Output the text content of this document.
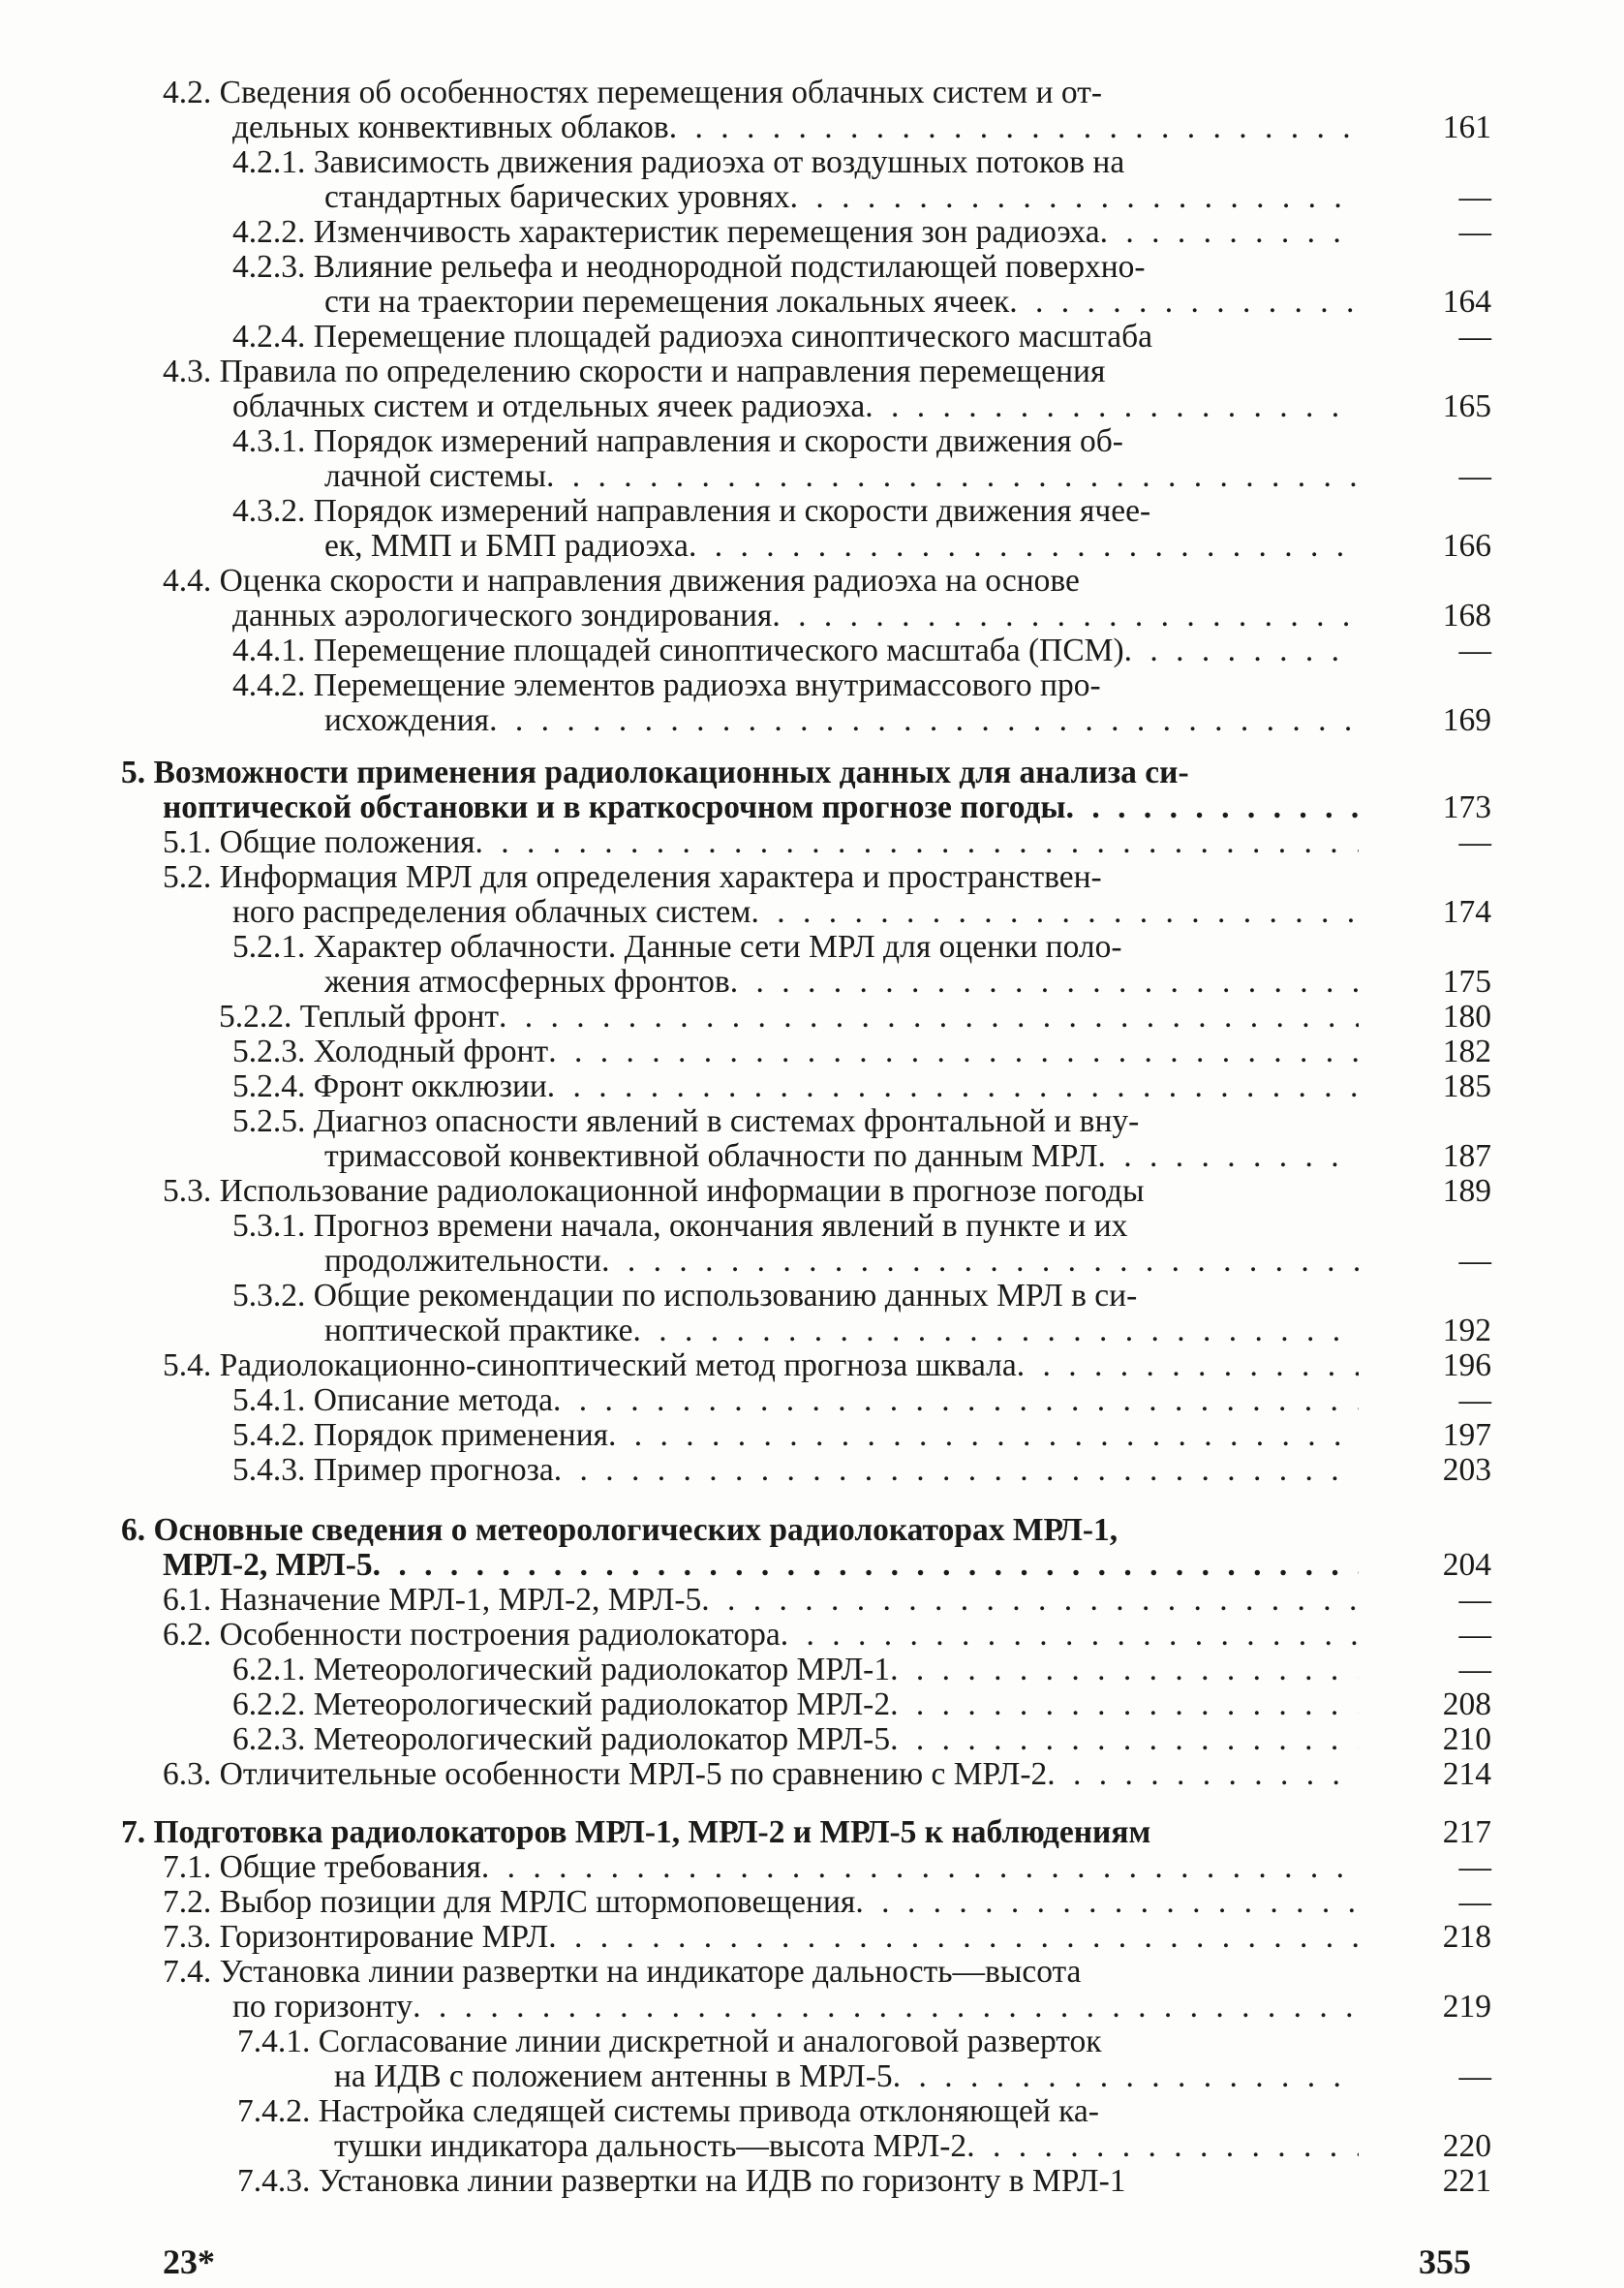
4.2. Сведения об особенностях перемещения облачных систем и от-
дельных конвективных облаков . . .	161
4.2.1. Зависимость движения радиоэха от воздушных потоков на
стандартных барических уровнях . . .	—
4.2.2. Изменчивость характеристик перемещения зон радиоэха . . .	—
4.2.3. Влияние рельефа и неоднородной подстилающей поверхно-
сти на траектории перемещения локальных ячеек . . .	164
4.2.4. Перемещение площадей радиоэха синоптического масштаба	—
4.3. Правила по определению скорости и направления перемещения
облачных систем и отдельных ячеек радиоэха . . .	165
4.3.1. Порядок измерений направления и скорости движения об-
лачной системы . . .	—
4.3.2. Порядок измерений направления и скорости движения ячее-
ек, ММП и БМП радиоэха . . .	166
4.4. Оценка скорости и направления движения радиоэха на основе
данных аэрологического зондирования . . .	168
4.4.1. Перемещение площадей синоптического масштаба (ПСМ) . . .	—
4.4.2. Перемещение элементов радиоэха внутримассового про-
исхождения . . .	169
5. Возможности применения радиолокационных данных для анализа си-
ноптической обстановки и в краткосрочном прогнозе погоды . . .	173
5.1. Общие положения . . .	—
5.2. Информация МРЛ для определения характера и пространствен-
ного распределения облачных систем . . .	174
5.2.1. Характер облачности. Данные сети МРЛ для оценки поло-
жения атмосферных фронтов . . .	175
5.2.2. Теплый фронт . . .	180
5.2.3. Холодный фронт . . .	182
5.2.4. Фронт окклюзии . . .	185
5.2.5. Диагноз опасности явлений в системах фронтальной и вну-
тримассовой конвективной облачности по данным МРЛ . . .	187
5.3. Использование радиолокационной информации в прогнозе погоды	189
5.3.1. Прогноз времени начала, окончания явлений в пункте и их
продолжительности . . .	—
5.3.2. Общие рекомендации по использованию данных МРЛ в си-
ноптической практике . . .	192
5.4. Радиолокационно-синоптический метод прогноза шквала . . .	196
5.4.1. Описание метода . . .	—
5.4.2. Порядок применения . . .	197
5.4.3. Пример прогноза . . .	203
6. Основные сведения о метеорологических радиолокаторах МРЛ-1,
МРЛ-2, МРЛ-5 . . .	204
6.1. Назначение МРЛ-1, МРЛ-2, МРЛ-5 . . .	—
6.2. Особенности построения радиолокатора . . .	—
6.2.1. Метеорологический радиолокатор МРЛ-1 . . .	—
6.2.2. Метеорологический радиолокатор МРЛ-2 . . .	208
6.2.3. Метеорологический радиолокатор МРЛ-5 . . .	210
6.3. Отличительные особенности МРЛ-5 по сравнению с МРЛ-2 . . .	214
7. Подготовка радиолокаторов МРЛ-1, МРЛ-2 и МРЛ-5 к наблюдениям	217
7.1. Общие требования . . .	—
7.2. Выбор позиции для МРЛС штормоповещения . . .	—
7.3. Горизонтирование МРЛ . . .	218
7.4. Установка линии развертки на индикаторе дальность—высота
по горизонту . . .	219
7.4.1. Согласование линии дискретной и аналоговой разверток
на ИДВ с положением антенны в МРЛ-5 . . .	—
7.4.2. Настройка следящей системы привода отклоняющей ка-
тушки индикатора дальность—высота МРЛ-2 . . .	220
7.4.3. Установка линии развертки на ИДВ по горизонту в МРЛ-1	221
23*	355
